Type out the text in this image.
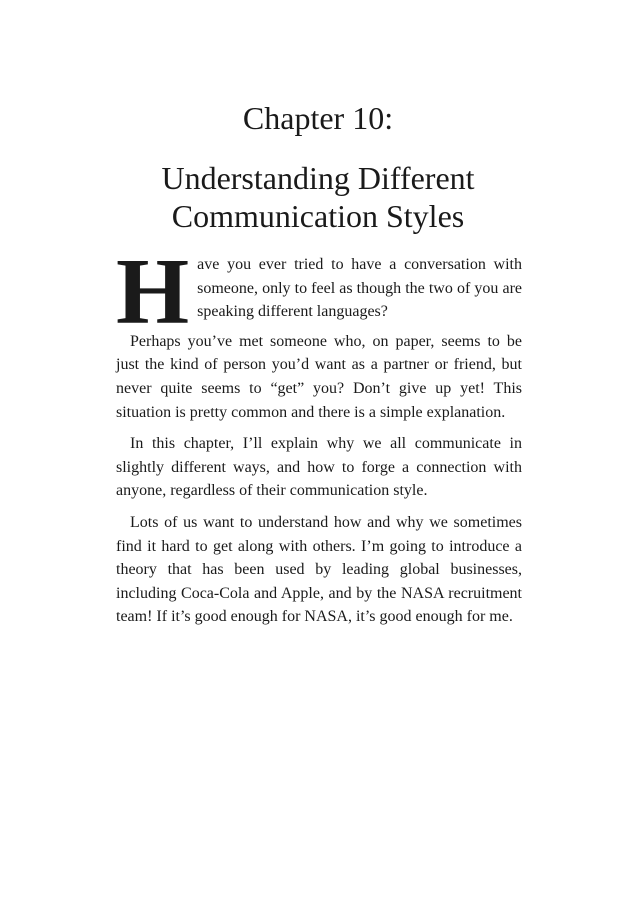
Chapter 10:
Understanding Different
Communication Styles

H ave you ever tried to have a conversation with someone, only to feel as though the two of you are speaking different languages?

Perhaps you’ve met someone who, on paper, seems to be just the kind of person you’d want as a partner or friend, but never quite seems to “get” you? Don’t give up yet! This situation is pretty common and there is a simple explanation.

In this chapter, I’ll explain why we all communicate in slightly different ways, and how to forge a connection with anyone, regardless of their communication style.

Lots of us want to understand how and why we sometimes find it hard to get along with others. I’m going to introduce a theory that has been used by leading global businesses, including Coca-Cola and Apple, and by the NASA recruitment team! If it’s good enough for NASA, it’s good enough for me.
